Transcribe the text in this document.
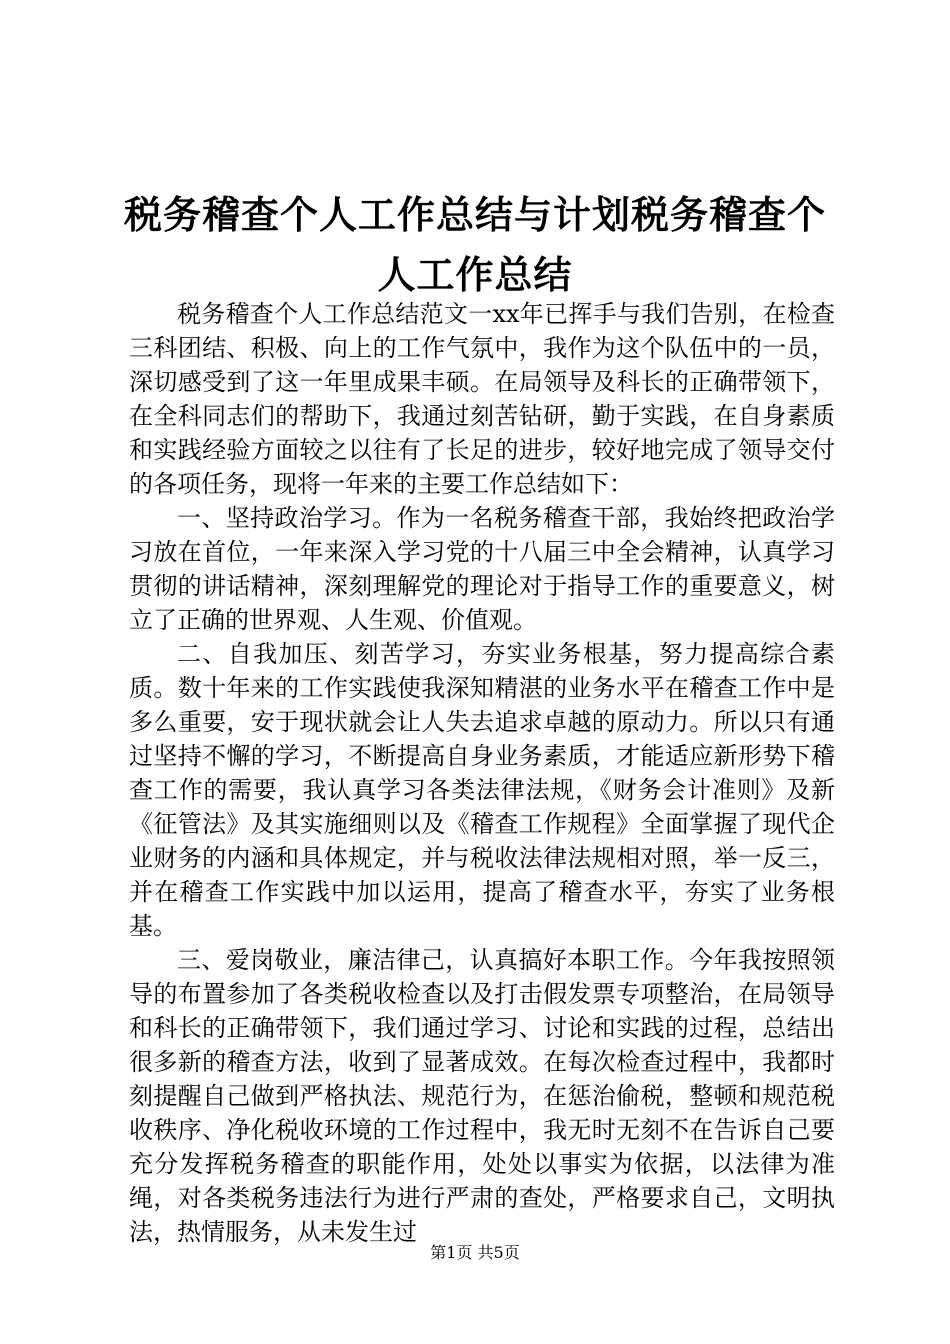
税务稽查个人工作总结与计划税务稽查个人工作总结

税务稽查个人工作总结范文一xx年已挥手与我们告别，在检查三科团结、积极、向上的工作气氛中，我作为这个队伍中的一员，深切感受到了这一年里成果丰硕。在局领导及科长的正确带领下，在全科同志们的帮助下，我通过刻苦钻研，勤于实践，在自身素质和实践经验方面较之以往有了长足的进步，较好地完成了领导交付的各项任务，现将一年来的主要工作总结如下：

一、坚持政治学习。作为一名税务稽查干部，我始终把政治学习放在首位，一年来深入学习党的十八届三中全会精神，认真学习贯彻的讲话精神，深刻理解党的理论对于指导工作的重要意义，树立了正确的世界观、人生观、价值观。

二、自我加压、刻苦学习，夯实业务根基，努力提高综合素质。数十年来的工作实践使我深知精湛的业务水平在稽查工作中是多么重要，安于现状就会让人失去追求卓越的原动力。所以只有通过坚持不懈的学习，不断提高自身业务素质，才能适应新形势下稽查工作的需要，我认真学习各类法律法规，《财务会计准则》及新《征管法》及其实施细则以及《稽查工作规程》全面掌握了现代企业财务的内涵和具体规定，并与税收法律法规相对照，举一反三，并在稽查工作实践中加以运用，提高了稽查水平，夯实了业务根基。

三、爱岗敬业，廉洁律己，认真搞好本职工作。今年我按照领导的布置参加了各类税收检查以及打击假发票专项整治，在局领导和科长的正确带领下，我们通过学习、讨论和实践的过程，总结出很多新的稽查方法，收到了显著成效。在每次检查过程中，我都时刻提醒自己做到严格执法、规范行为，在惩治偷税，整顿和规范税收秩序、净化税收环境的工作过程中，我无时无刻不在告诉自己要充分发挥税务稽查的职能作用，处处以事实为依据，以法律为准绳，对各类税务违法行为进行严肃的查处，严格要求自己，文明执法，热情服务，从未发生过

第1页 共5页
